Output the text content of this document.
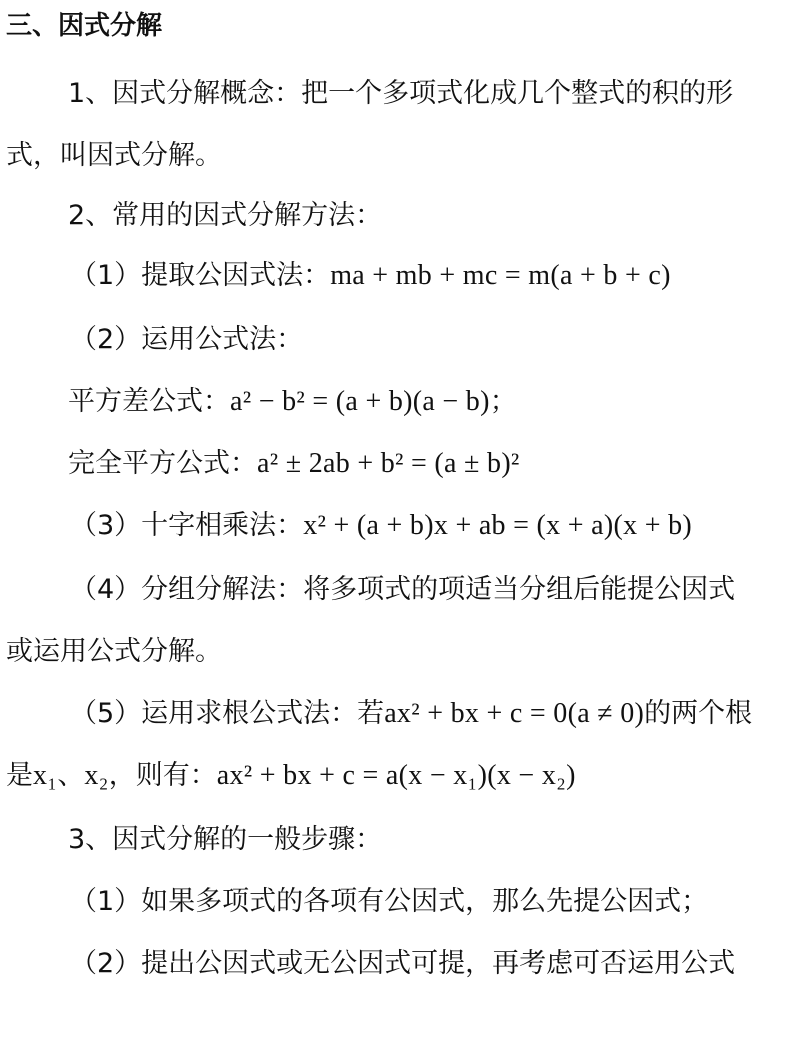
三、因式分解
1、因式分解概念：把一个多项式化成几个整式的积的形
式，叫因式分解。
2、常用的因式分解方法：
（1）提取公因式法：ma + mb + mc = m(a + b + c)
（2）运用公式法：
平方差公式：a² − b² = (a + b)(a − b)；
完全平方公式：a² ± 2ab + b² = (a ± b)²
（3）十字相乘法：x² + (a + b)x + ab = (x + a)(x + b)
（4）分组分解法：将多项式的项适当分组后能提公因式
或运用公式分解。
（5）运用求根公式法：若ax² + bx + c = 0(a ≠ 0)的两个根
是x₁、x₂，则有：ax² + bx + c = a(x − x₁)(x − x₂)
3、因式分解的一般步骤：
（1）如果多项式的各项有公因式，那么先提公因式；
（2）提出公因式或无公因式可提，再考虑可否运用公式
